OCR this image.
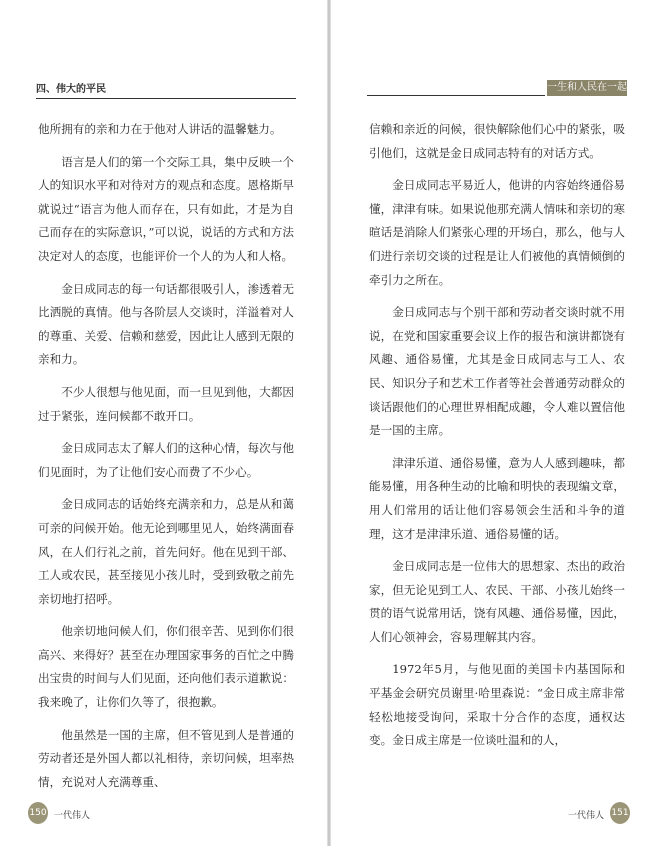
四、伟大的平民

他所拥有的亲和力在于他对人讲话的温馨魅力。

语言是人们的第一个交际工具，集中反映一个人的知识水平和对待对方的观点和态度。恩格斯早就说过“语言为他人而存在，只有如此，才是为自己而存在的实际意识，”可以说，说话的方式和方法决定对人的态度，也能评价一个人的为人和人格。

金日成同志的每一句话都很吸引人，渗透着无比洒脱的真情。他与各阶层人交谈时，洋溢着对人的尊重、关爱、信赖和慈爱，因此让人感到无限的亲和力。

不少人很想与他见面，而一旦见到他，大都因过于紧张，连问候都不敢开口。

金日成同志太了解人们的这种心情，每次与他们见面时，为了让他们安心而费了不少心。

金日成同志的话始终充满亲和力，总是从和蔼可亲的问候开始。他无论到哪里见人，始终满面春风，在人们行礼之前，首先问好。他在见到干部、工人或农民，甚至接见小孩儿时，受到致敬之前先亲切地打招呼。

他亲切地问候人们，你们很辛苦、见到你们很高兴、来得好？甚至在办理国家事务的百忙之中腾出宝贵的时间与人们见面，还向他们表示道歉说：我来晚了，让你们久等了，很抱歉。

他虽然是一国的主席，但不管见到人是普通的劳动者还是外国人都以礼相待，亲切问候，坦率热情，充说对人充满尊重、

150 一代伟人
一生和人民在一起

信赖和亲近的问候，很快解除他们心中的紧张，吸引他们，这就是金日成同志特有的对话方式。

金日成同志平易近人，他讲的内容始终通俗易懂，津津有味。如果说他那充满人情味和亲切的寒暄话是消除人们紧张心理的开场白，那么，他与人们进行亲切交谈的过程是让人们被他的真情倾倒的牵引力之所在。

金日成同志与个别干部和劳动者交谈时就不用说，在党和国家重要会议上作的报告和演讲都饶有风趣、通俗易懂，尤其是金日成同志与工人、农民、知识分子和艺术工作者等社会普通劳动群众的谈话跟他们的心理世界相配成趣，令人难以置信他是一国的主席。

津津乐道、通俗易懂，意为人人感到趣味，都能易懂，用各种生动的比喻和明快的表现编文章，用人们常用的话让他们容易领会生活和斗争的道理，这才是津津乐道、通俗易懂的话。

金日成同志是一位伟大的思想家、杰出的政治家，但无论见到工人、农民、干部、小孩儿始终一贯的语气说常用话，饶有风趣、通俗易懂，因此，人们心领神会，容易理解其内容。

1972年5月，与他见面的美国卡内基国际和平基金会研究员谢里·哈里森说：“金日成主席非常轻松地接受询问，采取十分合作的态度，通权达变。金日成主席是一位谈吐温和的人，

一代伟人 151
